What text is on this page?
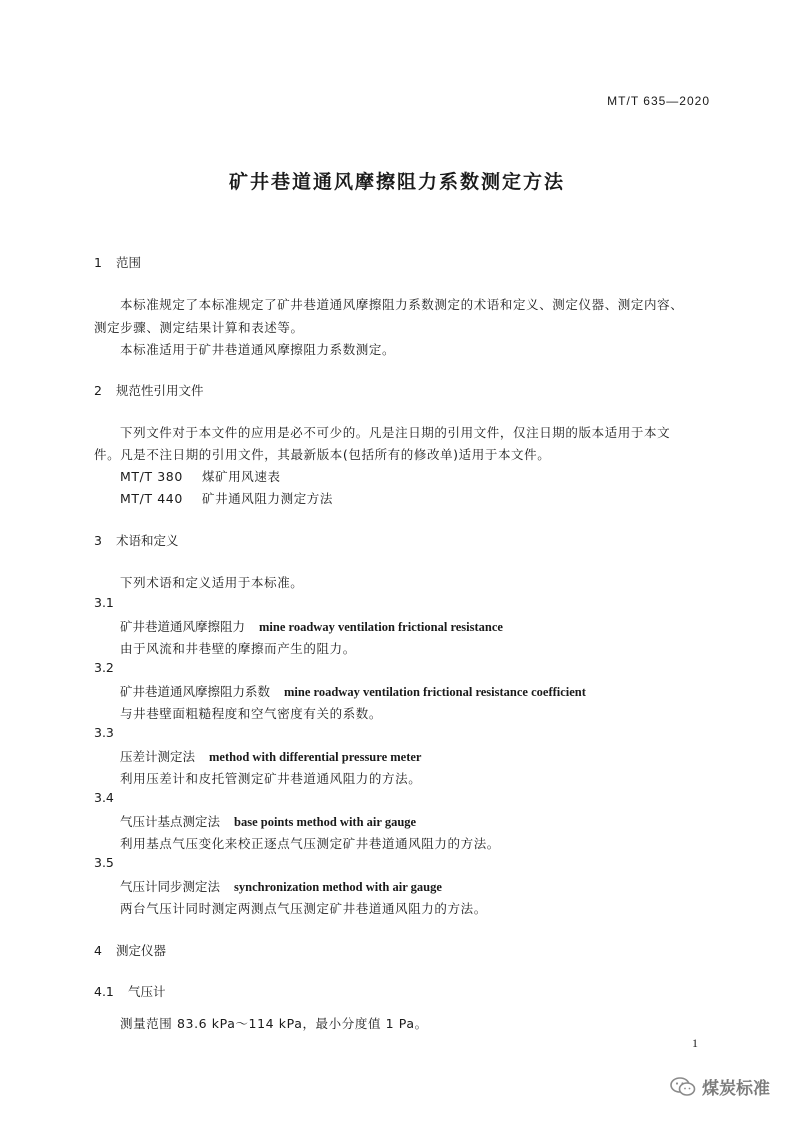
MT/T 635—2020
矿井巷道通风摩擦阻力系数测定方法
1 范围
本标准规定了本标准规定了矿井巷道通风摩擦阻力系数测定的术语和定义、测定仪器、测定内容、
测定步骤、测定结果计算和表述等。
本标准适用于矿井巷道通风摩擦阻力系数测定。
2 规范性引用文件
下列文件对于本文件的应用是必不可少的。凡是注日期的引用文件，仅注日期的版本适用于本文
件。凡是不注日期的引用文件，其最新版本(包括所有的修改单)适用于本文件。
MT/T 380 煤矿用风速表
MT/T 440 矿井通风阻力测定方法
3 术语和定义
下列术语和定义适用于本标准。
3.1
矿井巷道通风摩擦阻力 mine roadway ventilation frictional resistance
由于风流和井巷壁的摩擦而产生的阻力。
3.2
矿井巷道通风摩擦阻力系数 mine roadway ventilation frictional resistance coefficient
与井巷壁面粗糙程度和空气密度有关的系数。
3.3
压差计测定法 method with differential pressure meter
利用压差计和皮托管测定矿井巷道通风阻力的方法。
3.4
气压计基点测定法 base points method with air gauge
利用基点气压变化来校正逐点气压测定矿井巷道通风阻力的方法。
3.5
气压计同步测定法 synchronization method with air gauge
两台气压计同时测定两测点气压测定矿井巷道通风阻力的方法。
4 测定仪器
4.1 气压计
测量范围 83.6 kPa～114 kPa，最小分度值 1 Pa。
1
煤炭标准
